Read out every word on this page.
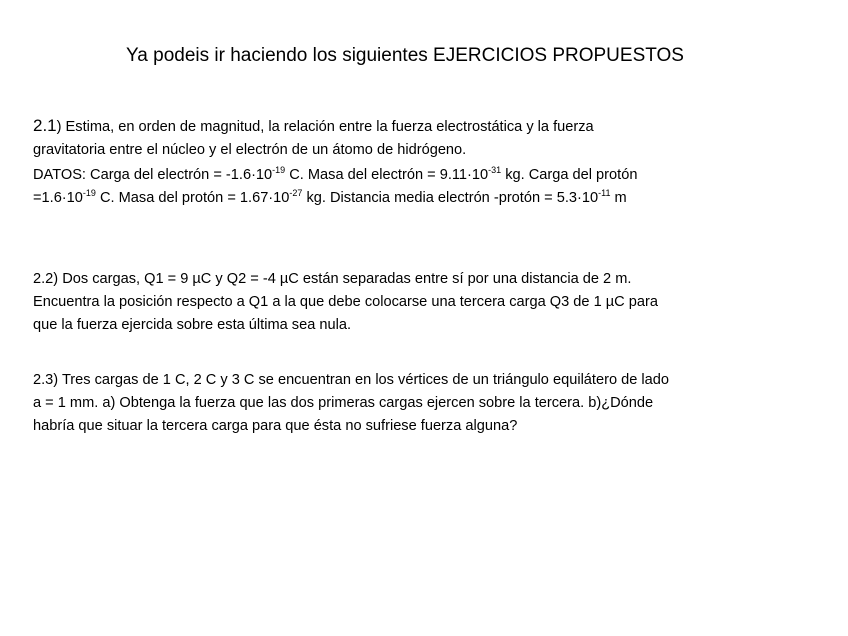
Ya podeis ir haciendo los siguientes EJERCICIOS PROPUESTOS
2.1) Estima, en orden de magnitud, la relación entre la fuerza electrostática y la fuerza
gravitatoria entre el núcleo y el electrón de un átomo de hidrógeno.
DATOS: Carga del electrón = $-1.6\cdot 10^{-19}$ C. Masa del electrón = $9.11\cdot 10^{-31}$ kg. Carga del protón
$=1.6\cdot 10^{-19}$ C. Masa del protón = $1.67\cdot 10^{-27}$ kg. Distancia media electrón -protón = $5.3\cdot 10^{-11}$ m
2.2) Dos cargas, Q1 = 9 µC y Q2 = -4 µC están separadas entre sí por una distancia de 2 m.
Encuentra la posición respecto a Q1 a la que debe colocarse una tercera carga Q3 de 1 µC para
que la fuerza ejercida sobre esta última sea nula.
2.3) Tres cargas de 1 C, 2 C y 3 C se encuentran en los vértices de un triángulo equilátero de lado
a = 1 mm. a) Obtenga la fuerza que las dos primeras cargas ejercen sobre la tercera. b)¿Dónde
habría que situar la tercera carga para que ésta no sufriese fuerza alguna?
